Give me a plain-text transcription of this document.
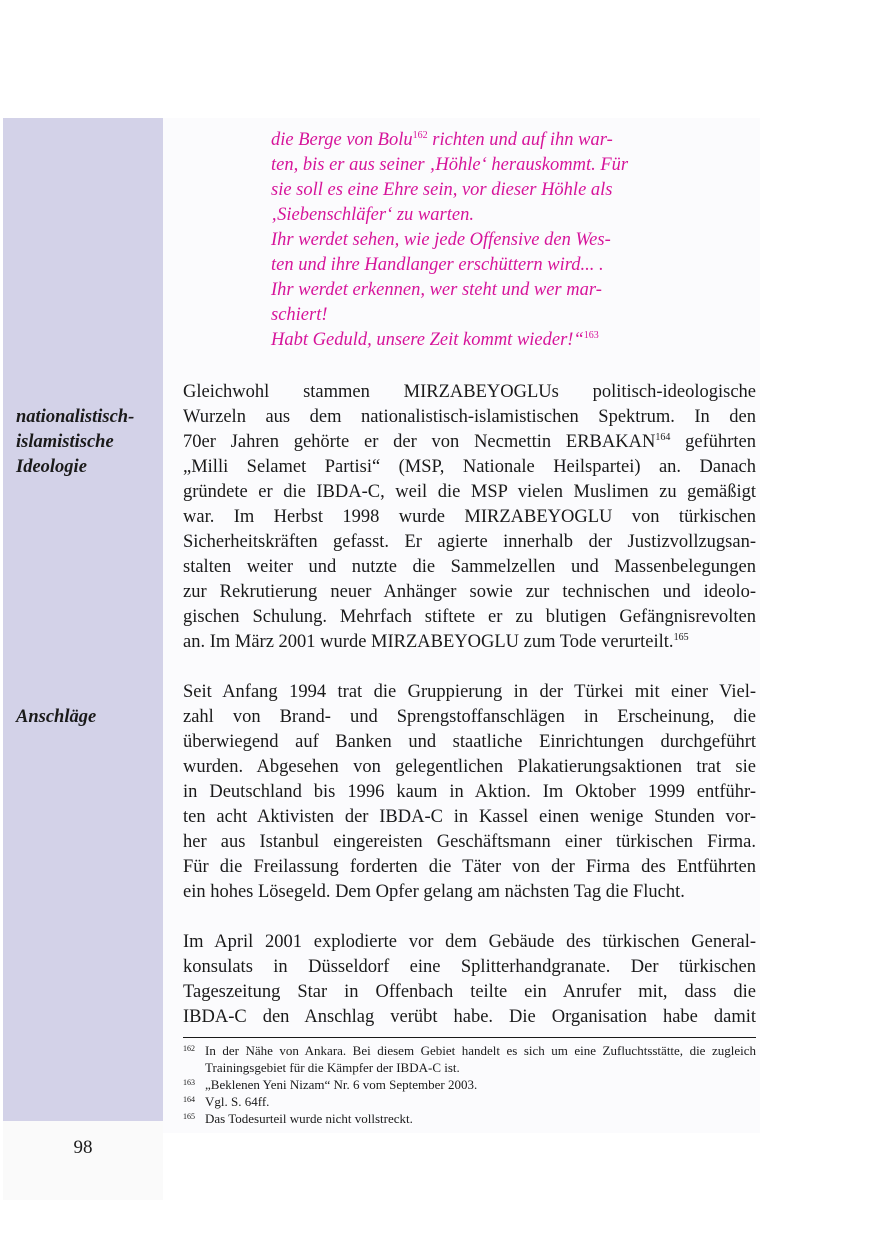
nationalistisch-
islamistische
Ideologie
Anschläge

die Berge von Bolu$^{162}$ richten und auf ihn war-

ten, bis er aus seiner ‚Höhle‘ herauskommt. Für

sie soll es eine Ehre sein, vor dieser Höhle als

‚Siebenschläfer‘ zu warten.

Ihr werdet sehen, wie jede Offensive den Wes-

ten und ihre Handlanger erschüttern wird... .

Ihr werdet erkennen, wer steht und wer mar-

schiert!

Habt Geduld, unsere Zeit kommt wieder!“$^{163}$

Gleichwohl stammen MIRZABEYOGLUs politisch-ideologische
Wurzeln aus dem nationalistisch-islamistischen Spektrum. In den
70er Jahren gehörte er der von Necmettin ERBAKAN$^{164}$ geführten
„Milli Selamet Partisi“ (MSP, Nationale Heilspartei) an. Danach
gründete er die IBDA-C, weil die MSP vielen Muslimen zu gemäßigt
war. Im Herbst 1998 wurde MIRZABEYOGLU von türkischen
Sicherheitskräften gefasst. Er agierte innerhalb der Justizvollzugsan-
stalten weiter und nutzte die Sammelzellen und Massenbelegungen
zur Rekrutierung neuer Anhänger sowie zur technischen und ideolo-
gischen Schulung. Mehrfach stiftete er zu blutigen Gefängnisrevolten
an. Im März 2001 wurde MIRZABEYOGLU zum Tode verurteilt.$^{165}$
Seit Anfang 1994 trat die Gruppierung in der Türkei mit einer Viel-
zahl von Brand- und Sprengstoffanschlägen in Erscheinung, die
überwiegend auf Banken und staatliche Einrichtungen durchgeführt
wurden. Abgesehen von gelegentlichen Plakatierungsaktionen trat sie
in Deutschland bis 1996 kaum in Aktion. Im Oktober 1999 entführ-
ten acht Aktivisten der IBDA-C in Kassel einen wenige Stunden vor-
her aus Istanbul eingereisten Geschäftsmann einer türkischen Firma.
Für die Freilassung forderten die Täter von der Firma des Entführten
ein hohes Lösegeld. Dem Opfer gelang am nächsten Tag die Flucht.
Im April 2001 explodierte vor dem Gebäude des türkischen General-
konsulats in Düsseldorf eine Splitterhandgranate. Der türkischen
Tageszeitung Star in Offenbach teilte ein Anrufer mit, dass die
IBDA-C den Anschlag verübt habe. Die Organisation habe damit
162 In der Nähe von Ankara. Bei diesem Gebiet handelt es sich um eine Zufluchtsstätte, die zugleich Trainingsgebiet für die Kämpfer der IBDA-C ist.
163 „Beklenen Yeni Nizam“ Nr. 6 vom September 2003.
164 Vgl. S. 64ff.
165 Das Todesurteil wurde nicht vollstreckt.
98
